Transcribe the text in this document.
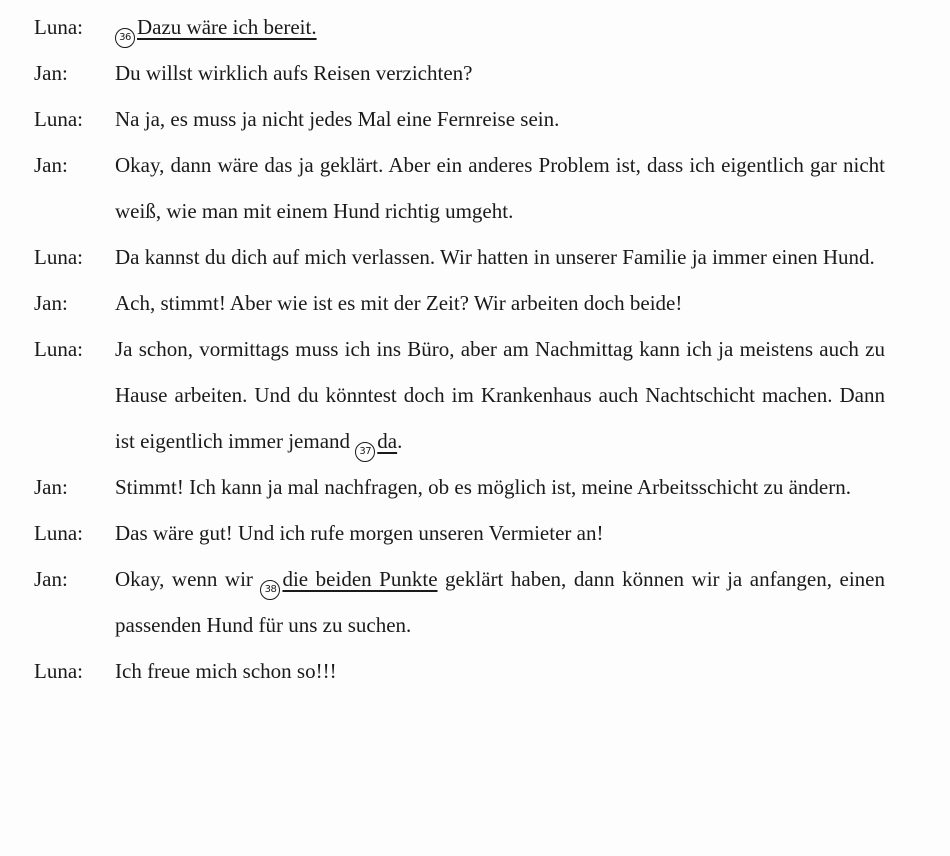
Luna:	36 Dazu wäre ich bereit.
Jan:	Du willst wirklich aufs Reisen verzichten?
Luna:	Na ja, es muss ja nicht jedes Mal eine Fernreise sein.
Jan:	Okay, dann wäre das ja geklärt. Aber ein anderes Problem ist, dass ich eigentlich gar nicht weiß, wie man mit einem Hund richtig umgeht.
Luna:	Da kannst du dich auf mich verlassen. Wir hatten in unserer Familie ja immer einen Hund.
Jan:	Ach, stimmt! Aber wie ist es mit der Zeit? Wir arbeiten doch beide!
Luna:	Ja schon, vormittags muss ich ins Büro, aber am Nachmittag kann ich ja meistens auch zu Hause arbeiten. Und du könntest doch im Krankenhaus auch Nachtschicht machen. Dann ist eigentlich immer jemand 37 da.
Jan:	Stimmt! Ich kann ja mal nachfragen, ob es möglich ist, meine Arbeitsschicht zu ändern.
Luna:	Das wäre gut! Und ich rufe morgen unseren Vermieter an!
Jan:	Okay, wenn wir 38 die beiden Punkte geklärt haben, dann können wir ja anfangen, einen passenden Hund für uns zu suchen.
Luna:	Ich freue mich schon so!!!
